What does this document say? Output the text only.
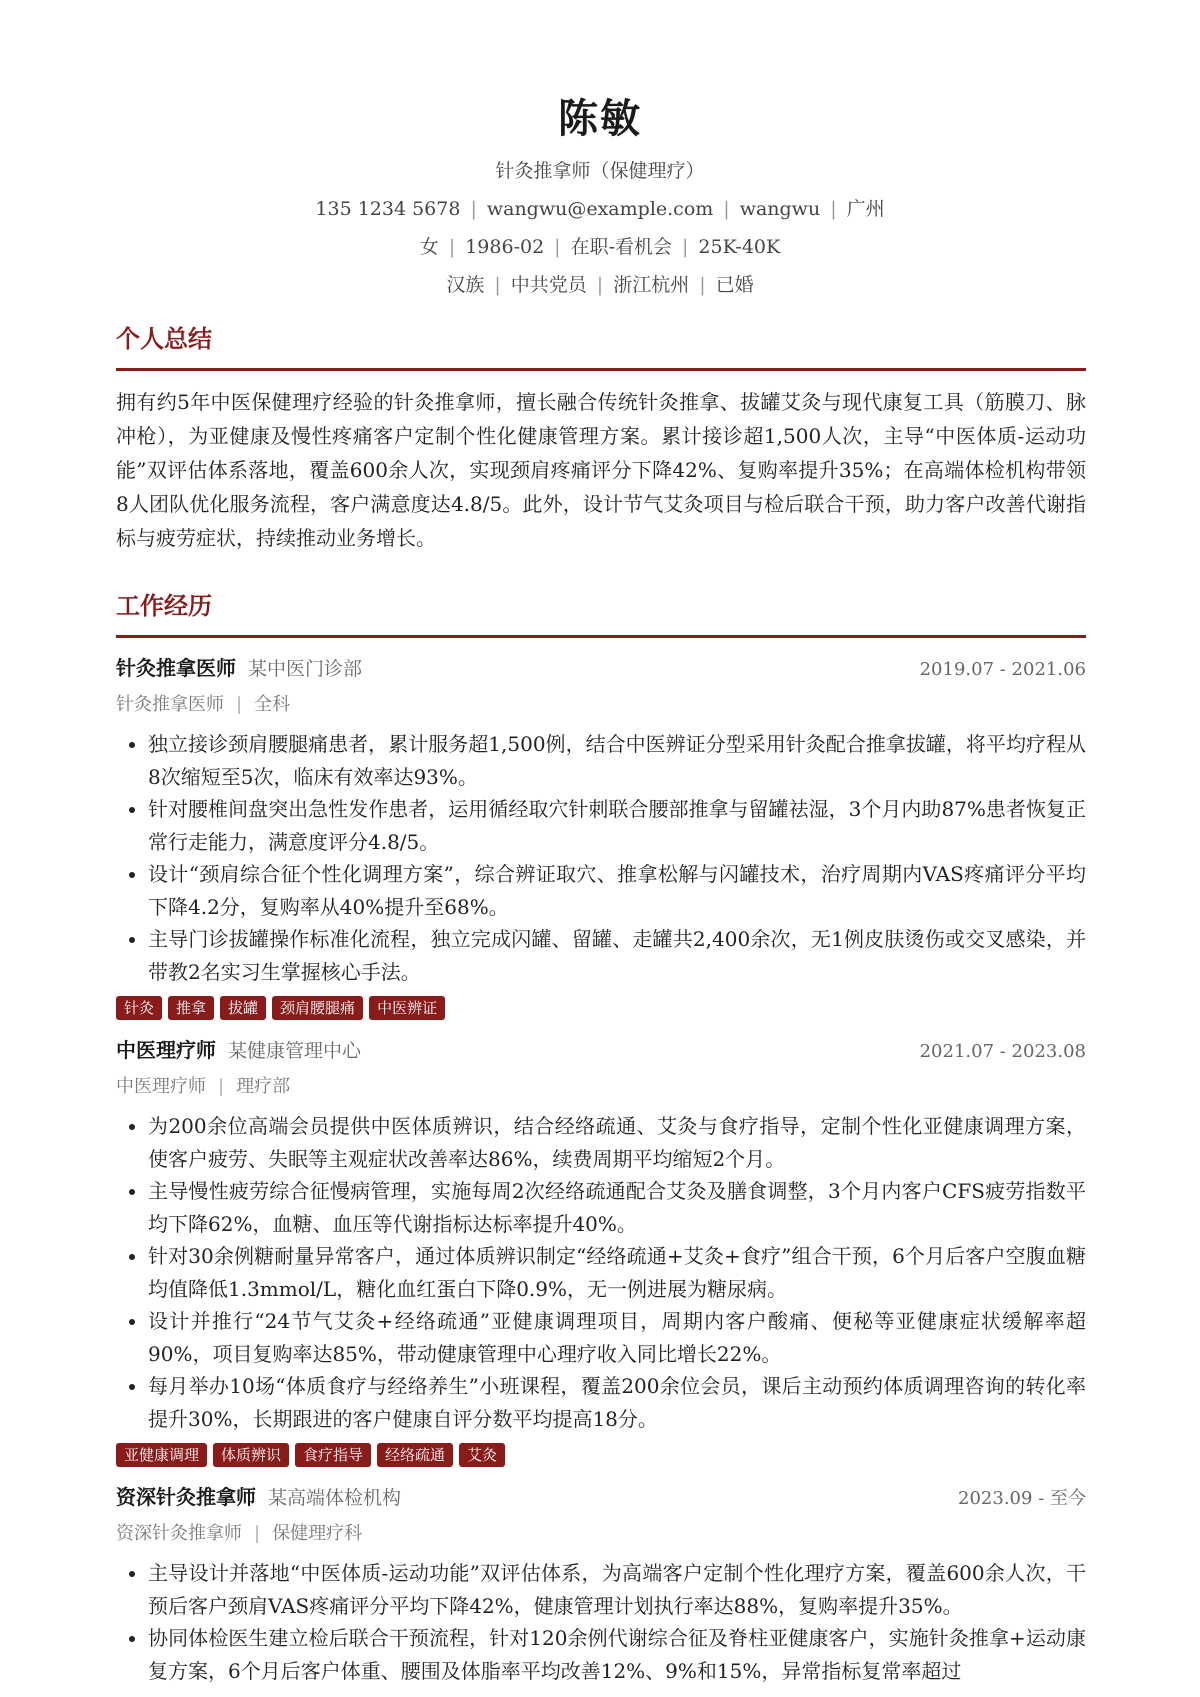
陈敏
针灸推拿师（保健理疗）
135 1234 5678 | wangwu@example.com | wangwu | 广州
女 | 1986-02 | 在职-看机会 | 25K-40K
汉族 | 中共党员 | 浙江杭州 | 已婚
个人总结

拥有约5年中医保健理疗经验的针灸推拿师，擅长融合传统针灸推拿、拔罐艾灸与现代康复工具（筋膜刀、脉冲枪），为亚健康及慢性疼痛客户定制个性化健康管理方案。累计接诊超1,500人次，主导“中医体质-运动功能”双评估体系落地，覆盖600余人次，实现颈肩疼痛评分下降42%、复购率提升35%；在高端体检机构带领8人团队优化服务流程，客户满意度达4.8/5。此外，设计节气艾灸项目与检后联合干预，助力客户改善代谢指标与疲劳症状，持续推动业务增长。

工作经历
针灸推拿医师 某中医门诊部	2019.07 - 2021.06
针灸推拿医师 | 全科
• 独立接诊颈肩腰腿痛患者，累计服务超1,500例，结合中医辨证分型采用针灸配合推拿拔罐，将平均疗程从8次缩短至5次，临床有效率达93%。
• 针对腰椎间盘突出急性发作患者，运用循经取穴针刺联合腰部推拿与留罐祛湿，3个月内助87%患者恢复正常行走能力，满意度评分4.8/5。
• 设计“颈肩综合征个性化调理方案”，综合辨证取穴、推拿松解与闪罐技术，治疗周期内VAS疼痛评分平均下降4.2分，复购率从40%提升至68%。
• 主导门诊拔罐操作标准化流程，独立完成闪罐、留罐、走罐共2,400余次，无1例皮肤烫伤或交叉感染，并带教2名实习生掌握核心手法。
针灸	推拿	拔罐	颈肩腰腿痛	中医辨证
中医理疗师 某健康管理中心	2021.07 - 2023.08
中医理疗师 | 理疗部
• 为200余位高端会员提供中医体质辨识，结合经络疏通、艾灸与食疗指导，定制个性化亚健康调理方案，使客户疲劳、失眠等主观症状改善率达86%，续费周期平均缩短2个月。
• 主导慢性疲劳综合征慢病管理，实施每周2次经络疏通配合艾灸及膳食调整，3个月内客户CFS疲劳指数平均下降62%，血糖、血压等代谢指标达标率提升40%。
• 针对30余例糖耐量异常客户，通过体质辨识制定“经络疏通+艾灸+食疗”组合干预，6个月后客户空腹血糖均值降低1.3mmol/L，糖化血红蛋白下降0.9%，无一例进展为糖尿病。
• 设计并推行“24节气艾灸+经络疏通”亚健康调理项目，周期内客户酸痛、便秘等亚健康症状缓解率超90%，项目复购率达85%，带动健康管理中心理疗收入同比增长22%。
• 每月举办10场“体质食疗与经络养生”小班课程，覆盖200余位会员，课后主动预约体质调理咨询的转化率提升30%，长期跟进的客户健康自评分数平均提高18分。
亚健康调理	体质辨识	食疗指导	经络疏通	艾灸
资深针灸推拿师 某高端体检机构	2023.09 - 至今
资深针灸推拿师 | 保健理疗科
• 主导设计并落地“中医体质-运动功能”双评估体系，为高端客户定制个性化理疗方案，覆盖600余人次，干预后客户颈肩VAS疼痛评分平均下降42%，健康管理计划执行率达88%，复购率提升35%。
• 协同体检医生建立检后联合干预流程，针对120余例代谢综合征及脊柱亚健康客户，实施针灸推拿+运动康复方案，6个月后客户体重、腰围及体脂率平均改善12%、9%和15%，异常指标复常率超过
